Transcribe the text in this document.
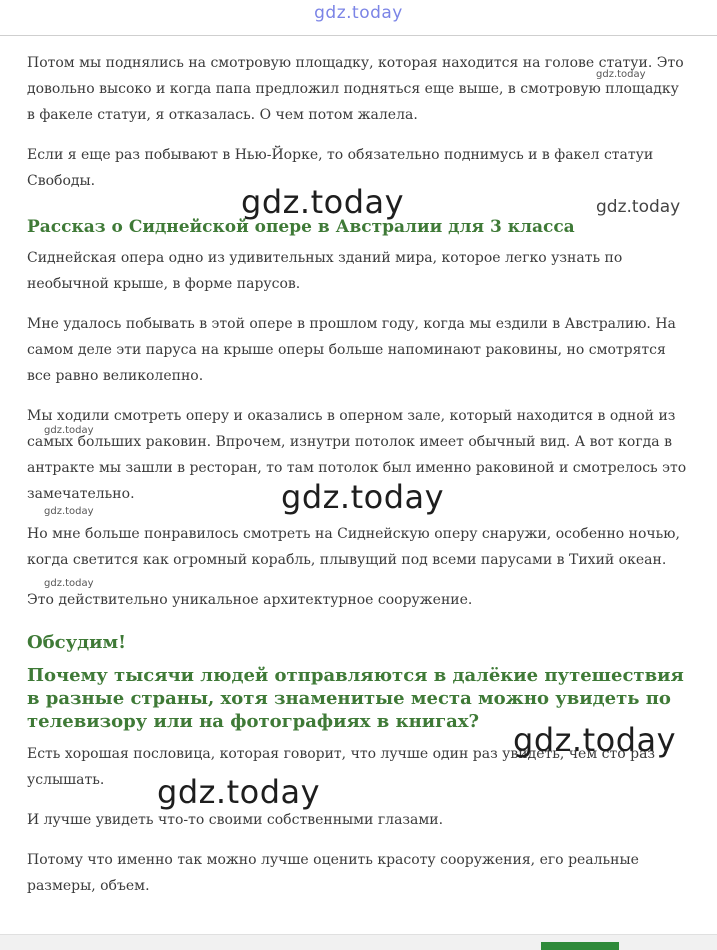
gdz.today

Потом мы поднялись на смотровую площадку, которая находится на голове статуи. Это довольно высоко и когда папа предложил подняться еще выше, в смотровую площадку в факеле статуи, я отказалась. О чем потом жалела.

Если я еще раз побывают в Нью-Йорке, то обязательно поднимусь и в факел статуи Свободы.

Рассказ о Сиднейской опере в Австралии для 3 класса

Сиднейская опера одно из удивительных зданий мира, которое легко узнать по необычной крыше, в форме парусов.

Мне удалось побывать в этой опере в прошлом году, когда мы ездили в Австралию. На самом деле эти паруса на крыше оперы больше напоминают раковины, но смотрятся все равно великолепно.

Мы ходили смотреть оперу и оказались в оперном зале, который находится в одной из самых больших раковин. Впрочем, изнутри потолок имеет обычный вид. А вот когда в антракте мы зашли в ресторан, то там потолок был именно раковиной и смотрелось это замечательно.

Но мне больше понравилось смотреть на Сиднейскую оперу снаружи, особенно ночью, когда светится как огромный корабль, плывущий под всеми парусами в Тихий океан.

Это действительно уникальное архитектурное сооружение.

Обсудим!
Почему тысячи людей отправляются в далёкие путешествия в разные страны, хотя знаменитые места можно увидеть по телевизору или на фотографиях в книгах?

Есть хорошая пословица, которая говорит, что лучше один раз увидеть, чем сто раз услышать.

И лучше увидеть что-то своими собственными глазами.

Потому что именно так можно лучше оценить красоту сооружения, его реальные размеры, объем.

gdz.today
gdz.today	gdz.today
gdz.today
gdz.today
gdz.today
gdz.today
gdz.today
gdz.today
